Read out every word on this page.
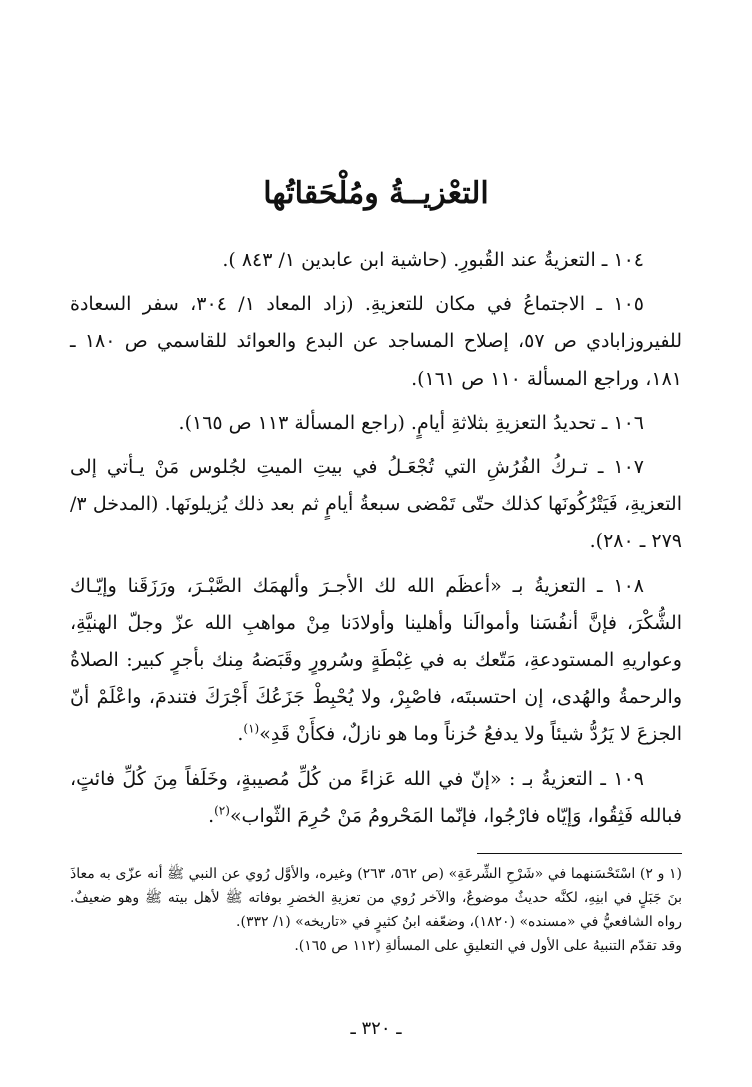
التعْزيــةُ ومُلْحَقاتُها

١٠٤ ـ التعزيةُ عند القُبورِ. (حاشية ابن عابدين ١/ ٨٤٣ ).

١٠٥ ـ الاجتماعُ في مكان للتعزيةِ. (زاد المعاد ١/ ٣٠٤، سفر السعادة للفيروزابادي ص ٥٧، إصلاح المساجد عن البدع والعوائد للقاسمي ص ١٨٠ ـ ١٨١، وراجع المسألة ١١٠ ص ١٦١).

١٠٦ ـ تحديدُ التعزيةِ بثلاثةِ أيامٍ. (راجع المسألة ١١٣ ص ١٦٥).

١٠٧ ـ تـركُ الفُرُشِ التي تُجْعَـلُ في بيتِ الميتِ لجُلوس مَنْ يـأتي إلى التعزيةِ، فَيَتْرُكُونَها كذلك حتّى تَمْضى سبعةُ أيامٍ ثم بعد ذلك يُزيلونَها. (المدخل ٣/ ٢٧٩ ـ ٢٨٠).

١٠٨ ـ التعزيةُ بـ «أعظَم الله لك الأجـرَ وألهمَك الصَّبْـرَ، ورَزَقَنا وإيّـاك الشُّكْرَ، فإنَّ أنفُسَنا وأموالَنا وأهلينا وأولادَنا مِنْ مواهبِ الله عزّ وجلّ الهنيَّةِ، وعواريهِ المستودعةِ، مَتّعك به في غِبْطَةٍ وسُرورٍ وقَبَضهُ مِنك بأجرٍ كبير: الصلاةُ والرحمةُ والهُدى، إن احتسبتَه، فاصْبِرْ، ولا يُحْبِطْ جَزَعُكَ أَجْرَكَ فتندمَ، واعْلَمْ أنّ الجزعَ لا يَرُدُّ شيئاً ولا يدفعُ حُزناً وما هو نازلٌ، فكأَنْ قَدِ»$^{(١)}$.

١٠٩ ـ التعزيةُ بـ : «إنّ في الله عَزاءً من كُلِّ مُصيبةٍ، وخَلَفاً مِنَ كُلِّ فائتٍ، فبالله فَثِقُوا، وَإيّاه فارْجُوا، فإنّما المَحْرومُ مَنْ حُرِمَ الثّواب»$^{(٢)}$.

(١ و ٢) اسْتَحْسَنهما في «شَرْحِ الشِّرعَةِ» (ص ٥٦٢، ٢٦٣) وغيره، والأوَّل رُوي عن النبي ﷺ أنه عزّى به معاذَ بنَ جَبَلٍ في ابنِهِ، لكنَّه حديثٌ موضوعٌ، والآخر رُوي من تعزيةِ الخضرِ بوفاته ﷺ لأهل بيته ﷺ وهو ضعيفٌ. رواه الشافعيُّ في «مسنده» (١٨٢٠)، وضعّفه ابنُ كثيرٍ في «تاريخه» (١/ ٣٣٢).

وقد تقدّم التنبيهُ على الأول في التعليقِ على المسألةِ (١١٢ ص ١٦٥).

ـ ٣٢٠ ـ
